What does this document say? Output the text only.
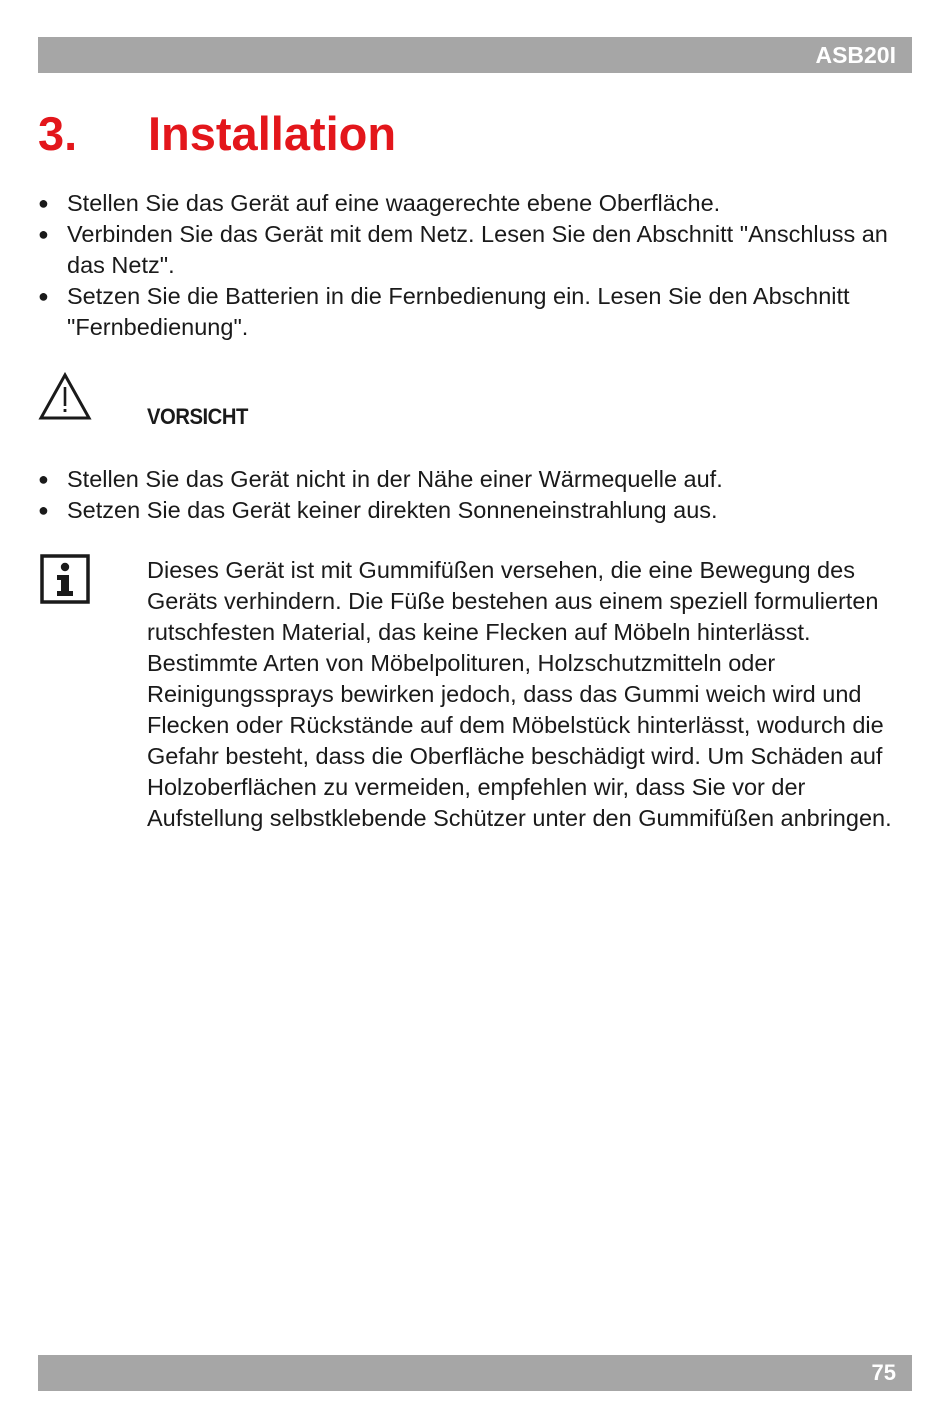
ASB20I
3. Installation
● Stellen Sie das Gerät auf eine waagerechte ebene Oberfläche.
● Verbinden Sie das Gerät mit dem Netz. Lesen Sie den Abschnitt "Anschluss an das Netz".
● Setzen Sie die Batterien in die Fernbedienung ein. Lesen Sie den Abschnitt "Fernbedienung".
VORSICHT
● Stellen Sie das Gerät nicht in der Nähe einer Wärmequelle auf.
● Setzen Sie das Gerät keiner direkten Sonneneinstrahlung aus.

Dieses Gerät ist mit Gummifüßen versehen, die eine Bewegung des Geräts verhindern. Die Füße bestehen aus einem speziell formulierten rutschfesten Material, das keine Flecken auf Möbeln hinterlässt. Bestimmte Arten von Möbelpolituren, Holzschutzmitteln oder Reinigungssprays bewirken jedoch, dass das Gummi weich wird und Flecken oder Rückstände auf dem Möbelstück hinterlässt, wodurch die Gefahr besteht, dass die Oberfläche beschädigt wird. Um Schäden auf Holzoberflächen zu vermeiden, empfehlen wir, dass Sie vor der Aufstellung selbstklebende Schützer unter den Gummifüßen anbringen.

75
